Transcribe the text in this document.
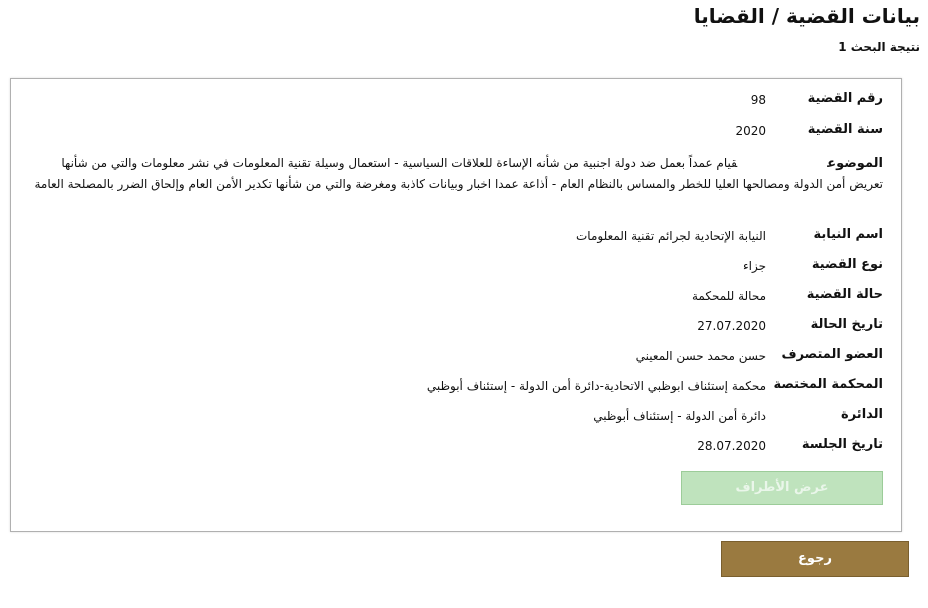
بيانات القضية / القضايا
نتيجة البحث 1
رقم القضية
98
سنة القضية
2020
الموضوعقيام عمداً بعمل ضد دولة اجنبية من شأنه الإساءة للعلاقات السياسية - استعمال وسيلة تقنية المعلومات في نشر معلومات والتي من شأنها تعريض أمن الدولة ومصالحها العليا للخطر والمساس بالنظام العام - أذاعة عمدا اخبار وبيانات كاذبة ومغرضة والتي من شأنها تكدير الأمن العام وإلحاق الضرر بالمصلحة العامة
اسم النيابة
النيابة الإتحادية لجرائم تقنية المعلومات
نوع القضية
جزاء
حالة القضية
محالة للمحكمة
تاريخ الحالة
27.07.2020
العضو المتصرف
حسن محمد حسن المعيني
المحكمة المختصة
محكمة إستئناف ابوظبي الاتحادية-دائرة أمن الدولة - إستئناف أبوظبي
الدائرة
دائرة أمن الدولة - إستئناف أبوظبي
تاريخ الجلسة
28.07.2020
عرض الأطراف
رجوع
